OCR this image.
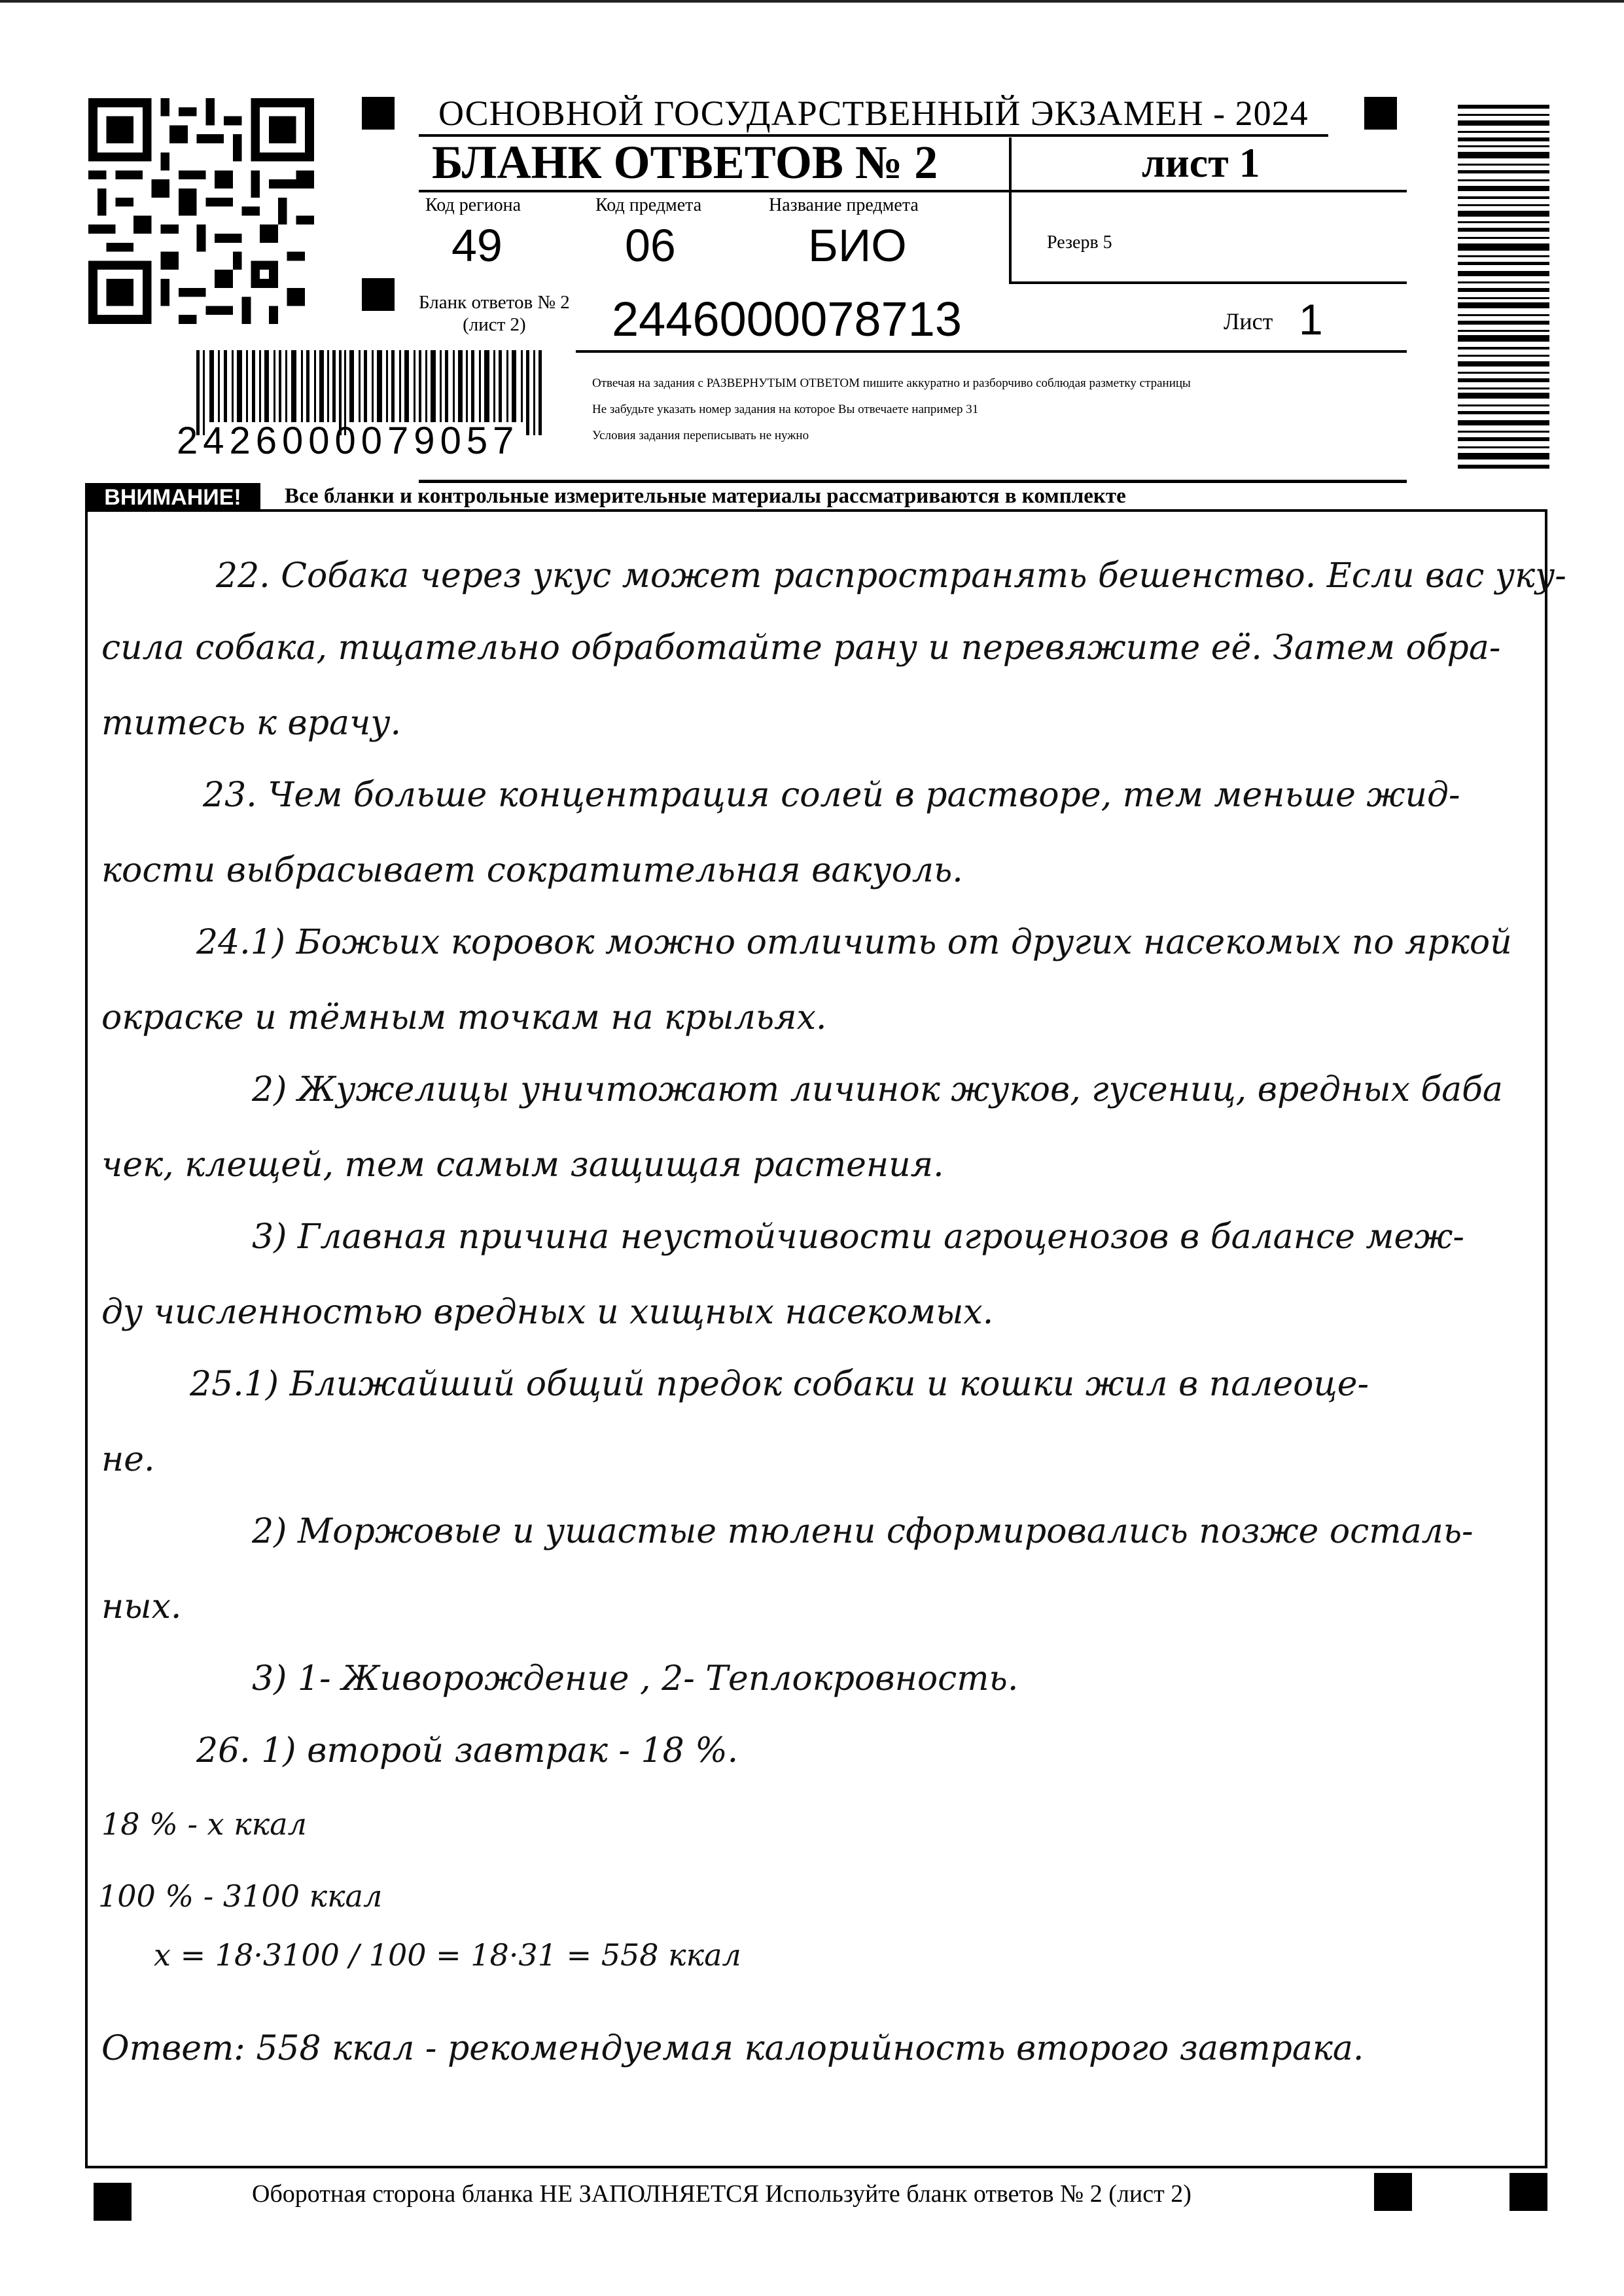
2426000079057
ОСНОВНОЙ ГОСУДАРСТВЕННЫЙ ЭКЗАМЕН - 2024
БЛАНК ОТВЕТОВ № 2	лист 1
Код региона
49
Код предмета
06
Название предмета
БИО	Резерв 5
Бланк ответов № 2
(лист 2)	2446000078713	Лист 1
Отвечая на задания с РАЗВЕРНУТЫМ ОТВЕТОМ пишите аккуратно и разборчиво соблюдая разметку страницы
Не забудьте указать номер задания на которое Вы отвечаете например 31
Условия задания переписывать не нужно
ВНИМАНИЕ!	Все бланки и контрольные измерительные материалы рассматриваются в комплекте
22. Собака через укус может распространять бешенство. Если вас уку-
сила собака, тщательно обработайте рану и перевяжите её. Затем обра-
титесь к врачу.
23. Чем больше концентрация солей в растворе, тем меньше жид-
кости выбрасывает сократительная вакуоль.
24.1) Божьих коровок можно отличить от других насекомых по яркой
окраске и тёмным точкам на крыльях.
2) Жужелицы уничтожают личинок жуков, гусениц, вредных баба
чек, клещей, тем самым защищая растения.
3) Главная причина неустойчивости агроценозов в балансе меж-
ду численностью вредных и хищных насекомых.
25.1) Ближайший общий предок собаки и кошки жил в палеоце-
не.
2) Моржовые и ушастые тюлени сформировались позже осталь-
ных.
3) 1- Живорождение , 2- Теплокровность.
26. 1) второй завтрак - 18 %.
18 % - х ккал
100 % - 3100 ккал
х = 18·3100 / 100 = 18·31 = 558 ккал
Ответ: 558 ккал - рекомендуемая калорийность второго завтрака.
Оборотная сторона бланка НЕ ЗАПОЛНЯЕТСЯ Используйте бланк ответов № 2 (лист 2)
